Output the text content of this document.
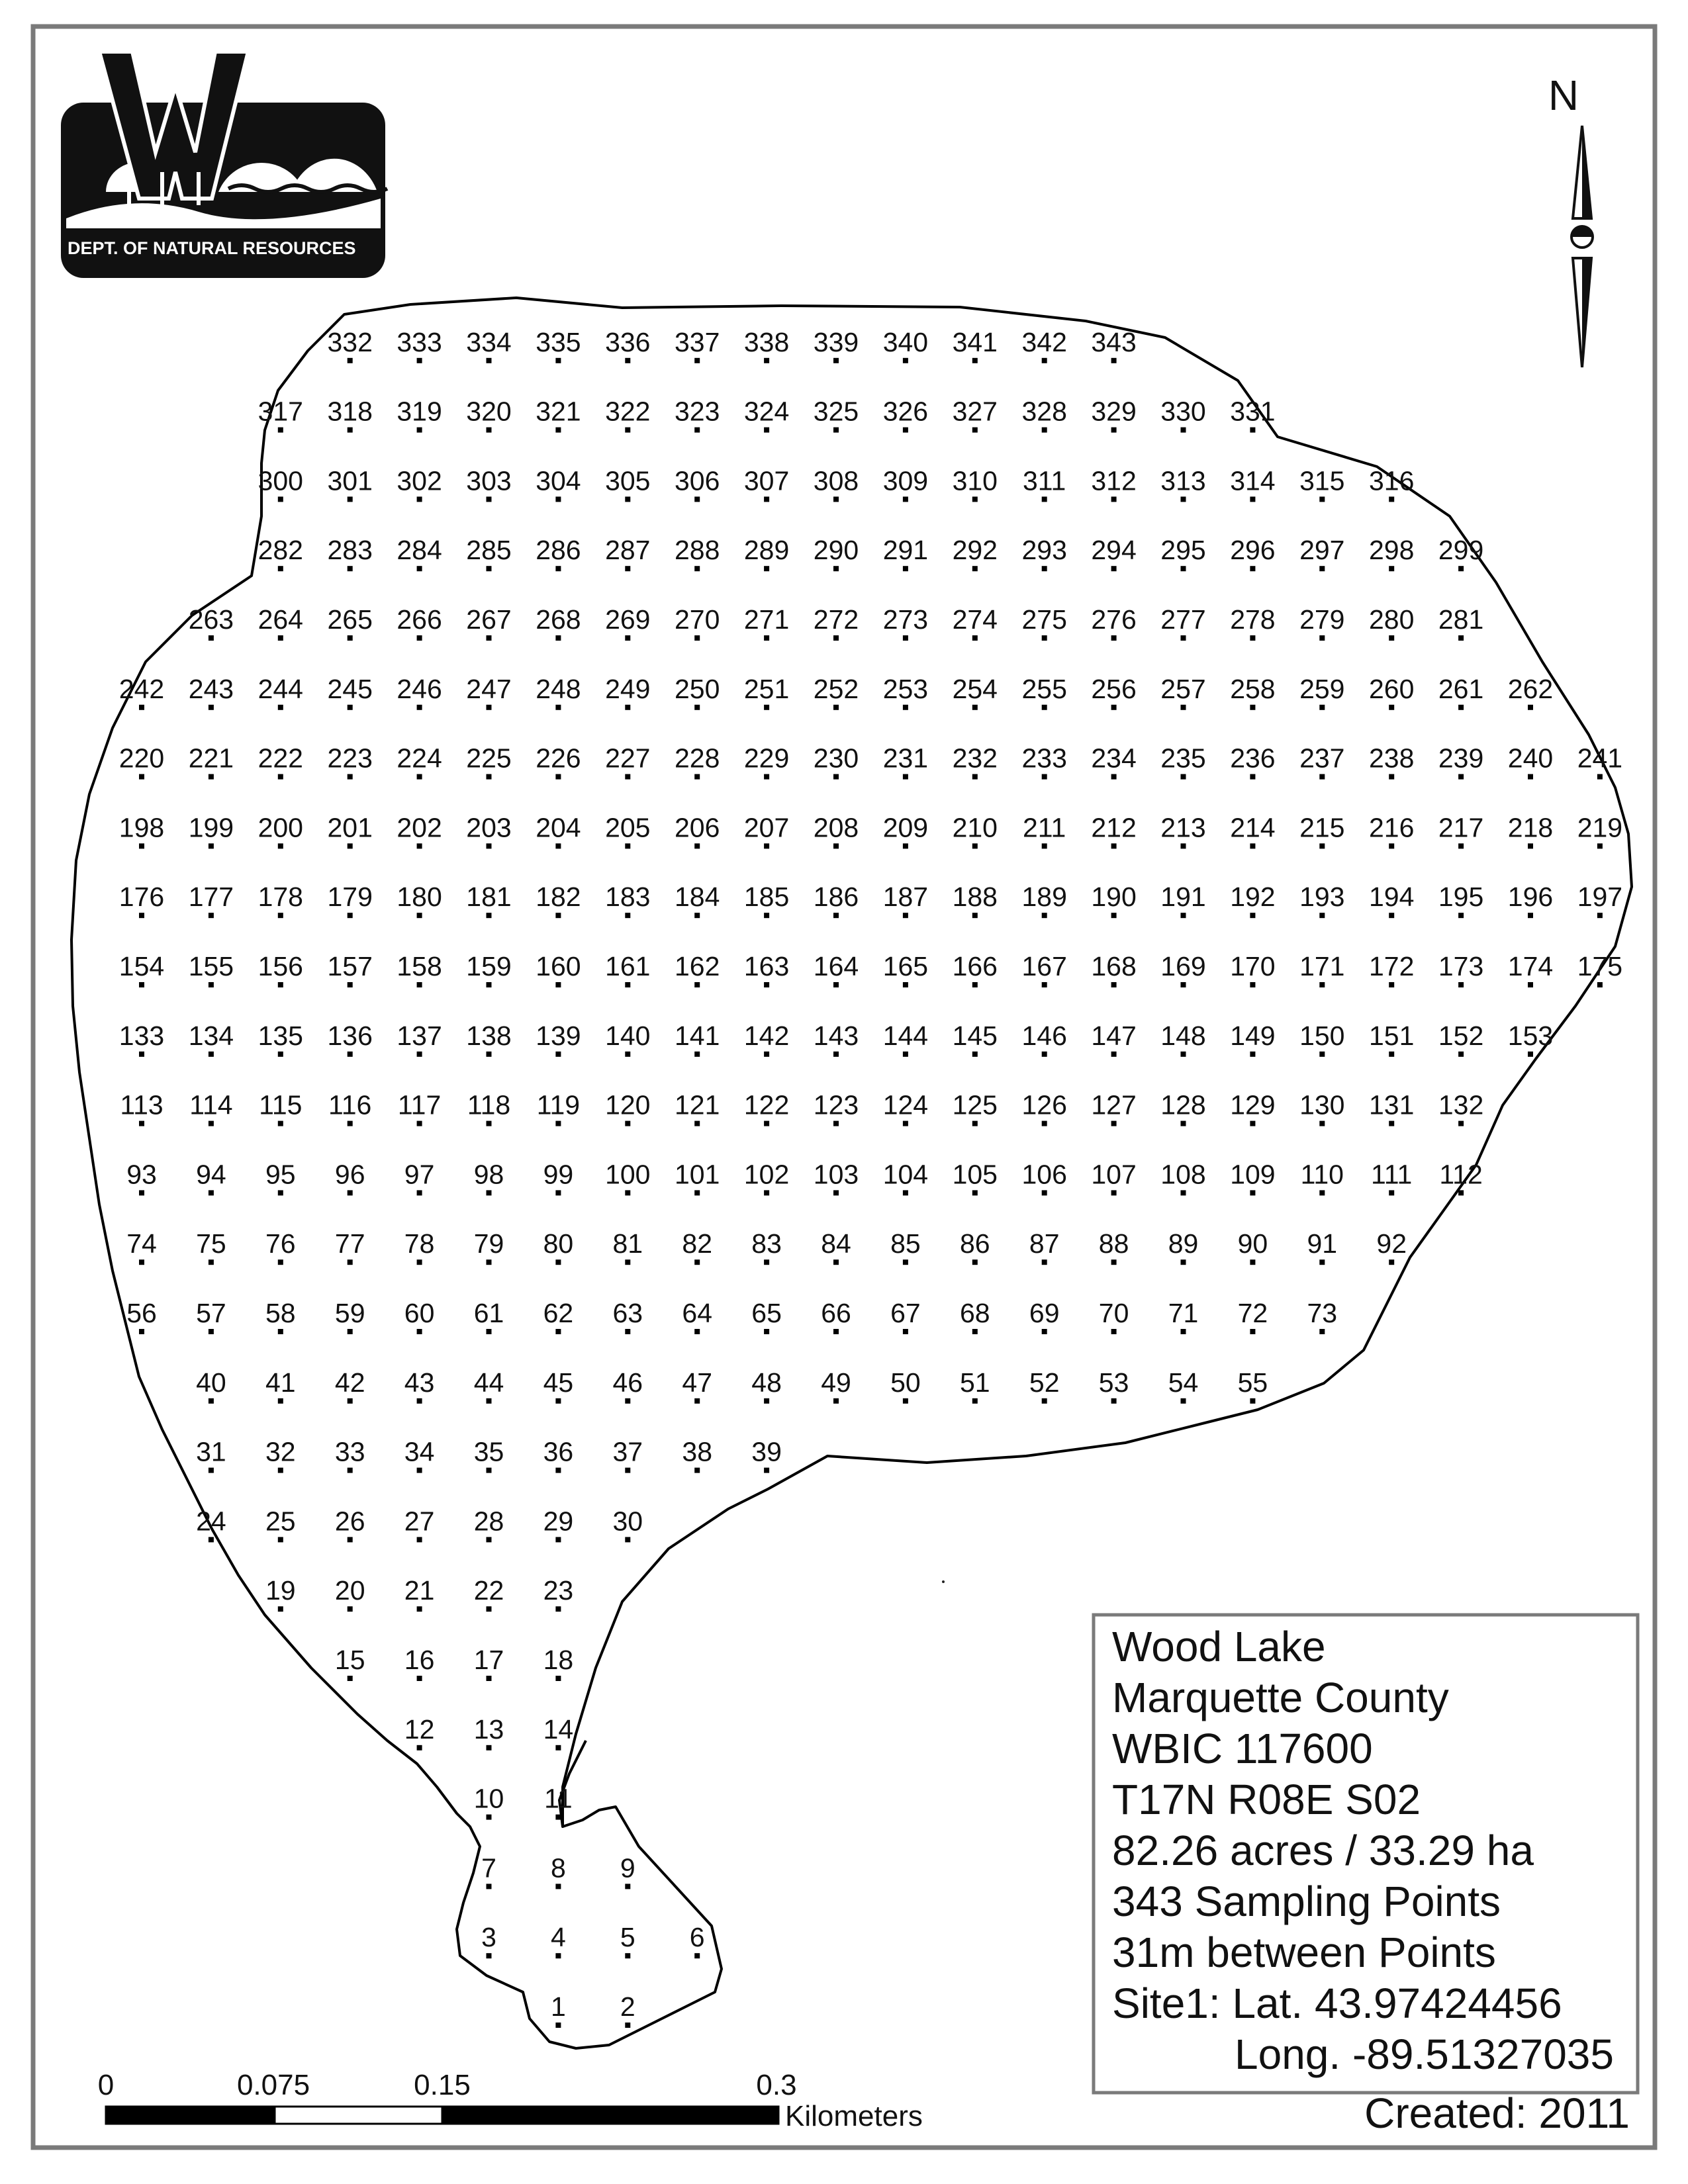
WISCONSIN
DEPT. OF NATURAL RESOURCES
N
1 2
3 4 5 6
7 8 9
10 11
12 13 14
15 16 17 18
19 20 21 22 23
24 25 26 27 28 29 30
31 32 33 34 35 36 37 38 39
40 41 42 43 44 45 46 47 48 49 50 51 52 53 54 55
56 57 58 59 60 61 62 63 64 65 66 67 68 69 70 71 72 73
74 75 76 77 78 79 80 81 82 83 84 85 86 87 88 89 90 91 92
93 94 95 96 97 98 99 100 101 102 103 104 105 106 107 108 109 110 111 112
113 114 115 116 117 118 119 120 121 122 123 124 125 126 127 128 129 130 131 132
133 134 135 136 137 138 139 140 141 142 143 144 145 146 147 148 149 150 151 152 153
154 155 156 157 158 159 160 161 162 163 164 165 166 167 168 169 170 171 172 173 174 175
176 177 178 179 180 181 182 183 184 185 186 187 188 189 190 191 192 193 194 195 196 197
198 199 200 201 202 203 204 205 206 207 208 209 210 211 212 213 214 215 216 217 218 219
220 221 222 223 224 225 226 227 228 229 230 231 232 233 234 235 236 237 238 239 240 241
242 243 244 245 246 247 248 249 250 251 252 253 254 255 256 257 258 259 260 261 262
263 264 265 266 267 268 269 270 271 272 273 274 275 276 277 278 279 280 281
282 283 284 285 286 287 288 289 290 291 292 293 294 295 296 297 298 299
300 301 302 303 304 305 306 307 308 309 310 311 312 313 314 315 316
317 318 319 320 321 322 323 324 325 326 327 328 329 330 331
332 333 334 335 336 337 338 339 340 341 342 343
0	0.075	0.15	0.3
Kilometers
Wood Lake
Marquette County
WBIC 117600
T17N R08E S02
82.26 acres / 33.29 ha
343 Sampling Points
31m between Points
Site1: Lat. 43.97424456
Long. -89.51327035
Created: 2011
